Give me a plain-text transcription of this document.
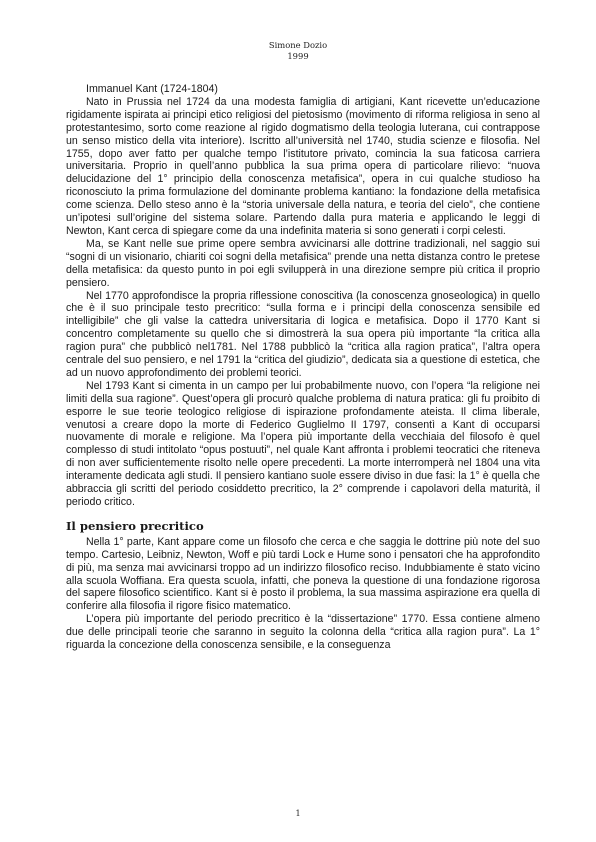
Simone Dozio
1999

Immanuel Kant (1724-1804)

Nato in Prussia nel 1724 da una modesta famiglia di artigiani, Kant ricevette un’educazione rigidamente ispirata ai principi etico religiosi del pietosismo (movimento di riforma religiosa in seno al protestantesimo, sorto come reazione al rigido dogmatismo della teologia luterana, cui contrappose un senso mistico della vita interiore). Iscritto all’università nel 1740, studia scienze e filosofia. Nel 1755, dopo aver fatto per qualche tempo l’istitutore privato, comincia la sua faticosa carriera universitaria. Proprio in quell’anno pubblica la sua prima opera di particolare rilievo: “nuova delucidazione del 1° principio della conoscenza metafisica”, opera in cui qualche studioso ha riconosciuto la prima formulazione del dominante problema kantiano: la fondazione della metafisica come scienza. Dello steso anno è la “storia universale della natura, e teoria del cielo”, che contiene un’ipotesi sull’origine del sistema solare. Partendo dalla pura materia e applicando le leggi di Newton, Kant cerca di spiegare come da una indefinita materia si sono generati i corpi celesti.

Ma, se Kant nelle sue prime opere sembra avvicinarsi alle dottrine tradizionali, nel saggio sui “sogni di un visionario, chiariti coi sogni della metafisica” prende una netta distanza contro le pretese della metafisica: da questo punto in poi egli svilupperà in una direzione sempre più critica il proprio pensiero.

Nel 1770 approfondisce la propria riflessione conoscitiva (la conoscenza gnoseologica) in quello che è il suo principale testo precritico: “sulla forma e i principi della conoscenza sensibile ed intelligibile” che gli valse la cattedra universitaria di logica e metafisica. Dopo il 1770 Kant si concentro completamente su quello che si dimostrerà la sua opera più importante “la critica alla ragion pura” che pubblicò nel1781. Nel 1788 pubblicò la “critica alla ragion pratica”, l’altra opera centrale del suo pensiero, e nel 1791 la “critica del giudizio”, dedicata sia a questione di estetica, che ad un nuovo approfondimento dei problemi teorici.

Nel 1793 Kant si cimenta in un campo per lui probabilmente nuovo, con l’opera “la religione nei limiti della sua ragione”. Quest’opera gli procurò qualche problema di natura pratica: gli fu proibito di esporre le sue teorie teologico religiose di ispirazione profondamente ateista. Il clima liberale, venutosi a creare dopo la morte di Federico Guglielmo II 1797, consentì a Kant di occuparsi nuovamente di morale e religione. Ma l’opera più importante della vecchiaia del filosofo è quel complesso di studi intitolato “opus postuuti”, nel quale Kant affronta i problemi teocratici che riteneva di non aver sufficientemente risolto nelle opere precedenti. La morte interromperà nel 1804 una vita interamente dedicata agli studi. Il pensiero kantiano suole essere diviso in due fasi: la 1° è quella che abbraccia gli scritti del periodo cosiddetto precritico, la 2° comprende i capolavori della maturità, il periodo critico.

Il pensiero precritico

Nella 1° parte, Kant appare come un filosofo che cerca e che saggia le dottrine più note del suo tempo. Cartesio, Leibniz, Newton, Woff e più tardi Lock e Hume sono i pensatori che ha approfondito di più, ma senza mai avvicinarsi troppo ad un indirizzo filosofico reciso. Indubbiamente è stato vicino alla scuola Woffiana. Era questa scuola, infatti, che poneva la questione di una fondazione rigorosa del sapere filosofico scientifico. Kant si è posto il problema, la sua massima aspirazione era quella di conferire alla filosofia il rigore fisico matematico.

L’opera più importante del periodo precritico è la “dissertazione” 1770. Essa contiene almeno due delle principali teorie che saranno in seguito la colonna della “critica alla ragion pura”. La 1° riguarda la concezione della conoscenza sensibile, e la conseguenza

1
